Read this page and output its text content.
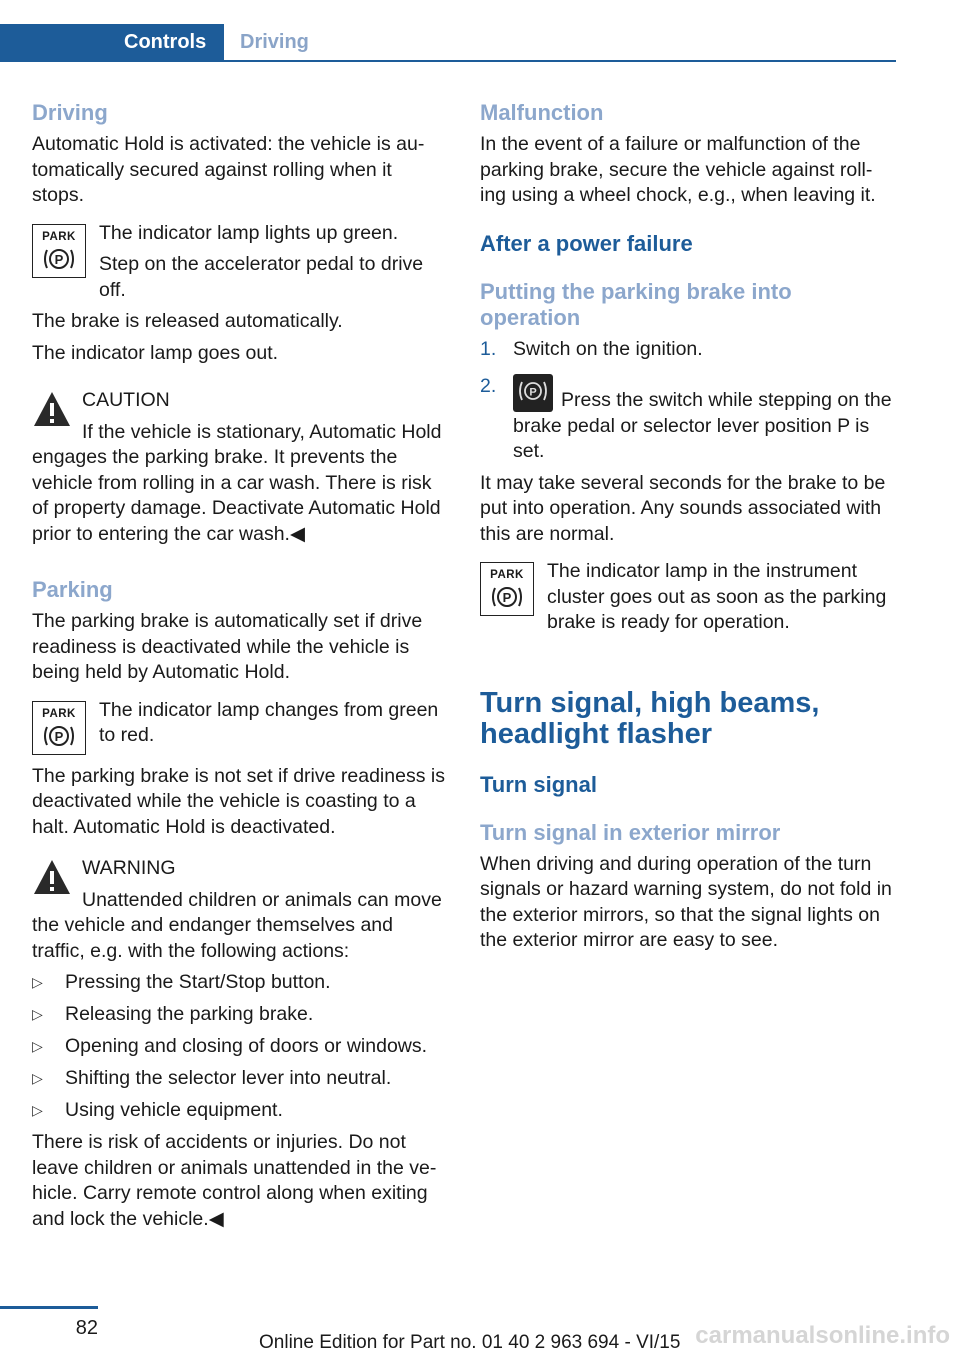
Controls	Driving
Driving

Automatic Hold is activated: the vehicle is au‐ tomatically secured against rolling when it stops.

PARK
P

The indicator lamp lights up green.

Step on the accelerator pedal to drive off.

The brake is released automatically.

The indicator lamp goes out.

CAUTION

If the vehicle is stationary, Automatic Hold engages the parking brake. It prevents the vehicle from rolling in a car wash. There is risk of property damage. Deactivate Automatic Hold prior to entering the car wash.◀

Parking

The parking brake is automatically set if drive readiness is deactivated while the vehicle is being held by Automatic Hold.

PARK
P

The indicator lamp changes from green to red.

The parking brake is not set if drive readiness is deactivated while the vehicle is coasting to a halt. Automatic Hold is deactivated.

WARNING

Unattended children or animals can move the vehicle and endanger themselves and traffic, e.g. with the following actions:

▷ Pressing the Start/Stop button.
▷ Releasing the parking brake.
▷ Opening and closing of doors or windows.
▷ Shifting the selector lever into neutral.
▷ Using vehicle equipment.

There is risk of accidents or injuries. Do not leave children or animals unattended in the ve‐ hicle. Carry remote control along when exiting and lock the vehicle.◀

Malfunction

In the event of a failure or malfunction of the parking brake, secure the vehicle against roll‐ ing using a wheel chock, e.g., when leaving it.

After a power failure
Putting the parking brake into operation
1. Switch on the ignition.
2.	P Press the switch while stepping on the brake pedal or selector lever position P is set.

It may take several seconds for the brake to be put into operation. Any sounds associated with this are normal.

PARK
P

The indicator lamp in the instrument cluster goes out as soon as the parking brake is ready for operation.

Turn signal, high beams, headlight flasher
Turn signal
Turn signal in exterior mirror

When driving and during operation of the turn signals or hazard warning system, do not fold in the exterior mirrors, so that the signal lights on the exterior mirror are easy to see.

82
Online Edition for Part no. 01 40 2 963 694 - VI/15 carmanualsonline.info
